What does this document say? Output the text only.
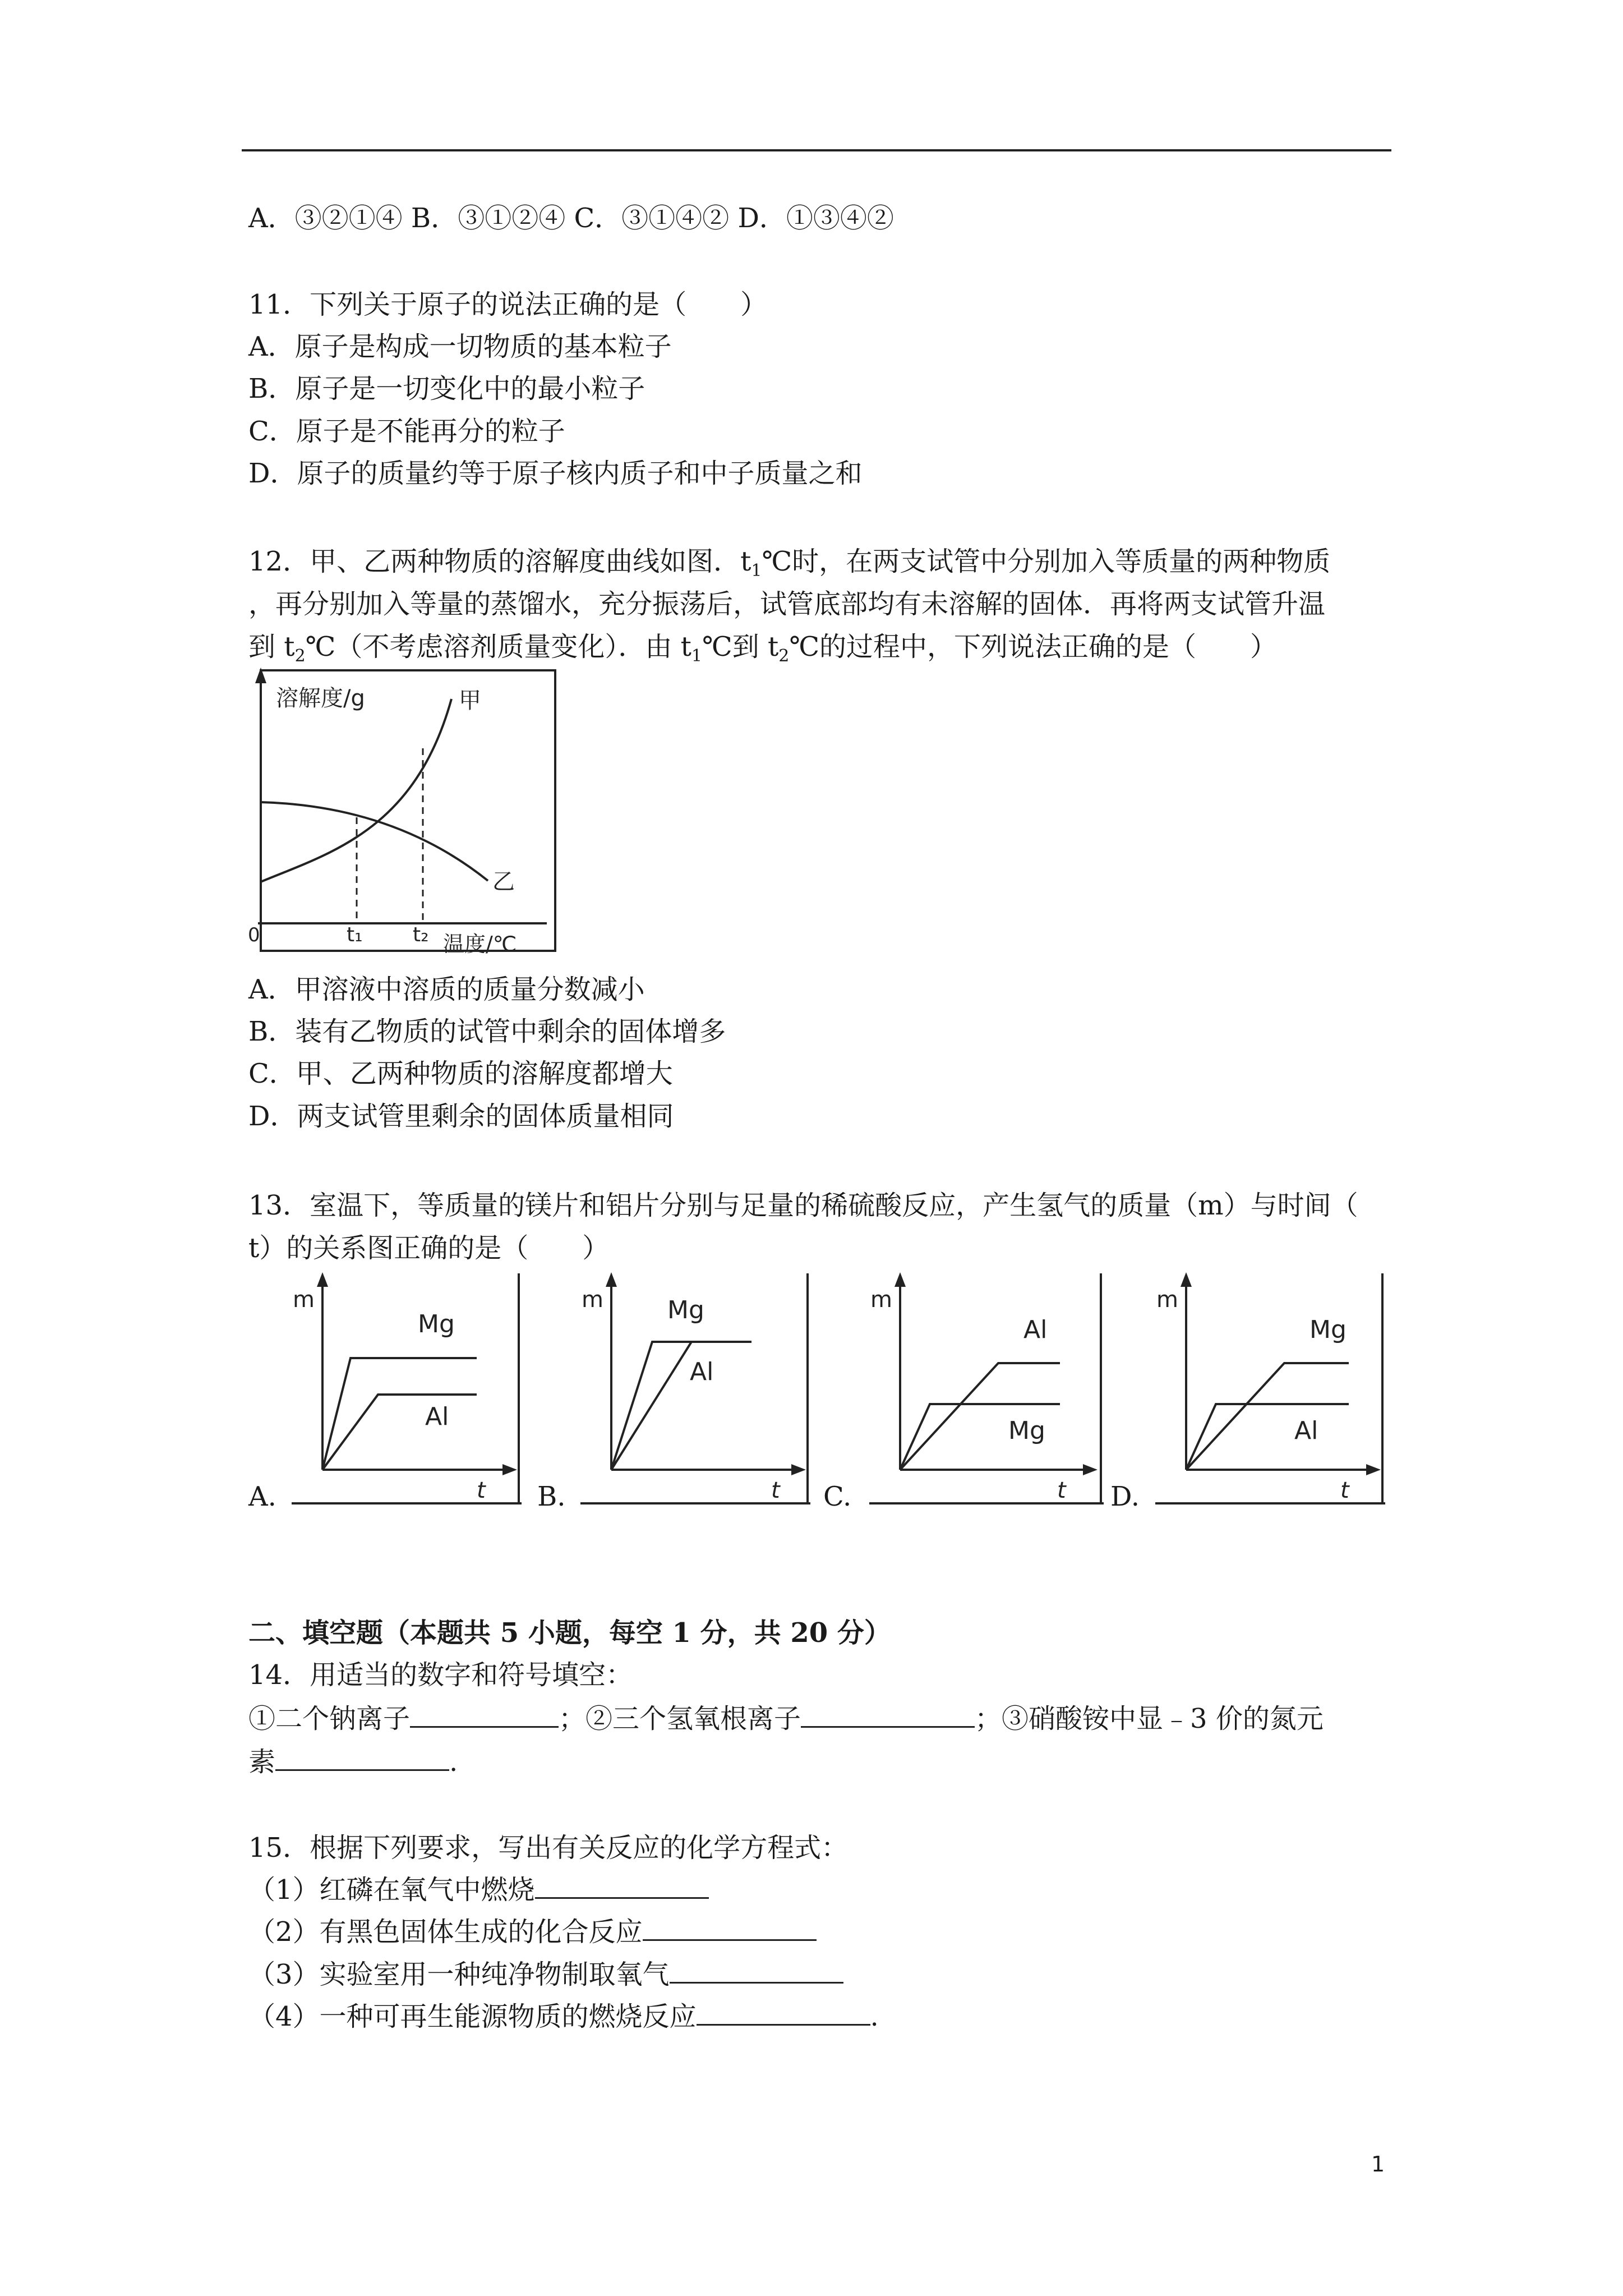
A．③②①④ B．③①②④ C．③①④② D．①③④②
11．下列关于原子的说法正确的是（　　）
A．原子是构成一切物质的基本粒子
B．原子是一切变化中的最小粒子
C．原子是不能再分的粒子
D．原子的质量约等于原子核内质子和中子质量之和
12．甲、乙两种物质的溶解度曲线如图．$t_1℃$时，在两支试管中分别加入等质量的两种物质
，再分别加入等量的蒸馏水，充分振荡后，试管底部均有未溶解的固体．再将两支试管升温
到 $t_2℃$（不考虑溶剂质量变化）．由 $t_1℃$到 $t_2℃$的过程中，下列说法正确的是（　　）
溶解度/g	甲
乙
0	t₁ t₂ 温度/℃
A．甲溶液中溶质的质量分数减小
B．装有乙物质的试管中剩余的固体增多
C．甲、乙两种物质的溶解度都增大
D．两支试管里剩余的固体质量相同
13．室温下，等质量的镁片和铝片分别与足量的稀硫酸反应，产生氢气的质量（m）与时间（
t）的关系图正确的是（　　）
A.
m
Mg
Al
t B.
m	Mg
Al
t C.
m
Al
Mg
t D.
m
Mg
Al
t
二、填空题（本题共 5 小题，每空 1 分，共 20 分）
14．用适当的数字和符号填空：
①二个钠离子	；②三个氢氧根离子	；③硝酸铵中显﹣3 价的氮元
素	.
15．根据下列要求，写出有关反应的化学方程式：
（1）红磷在氧气中燃烧
（2）有黑色固体生成的化合反应
（3）实验室用一种纯净物制取氧气
（4）一种可再生能源物质的燃烧反应	.
1
